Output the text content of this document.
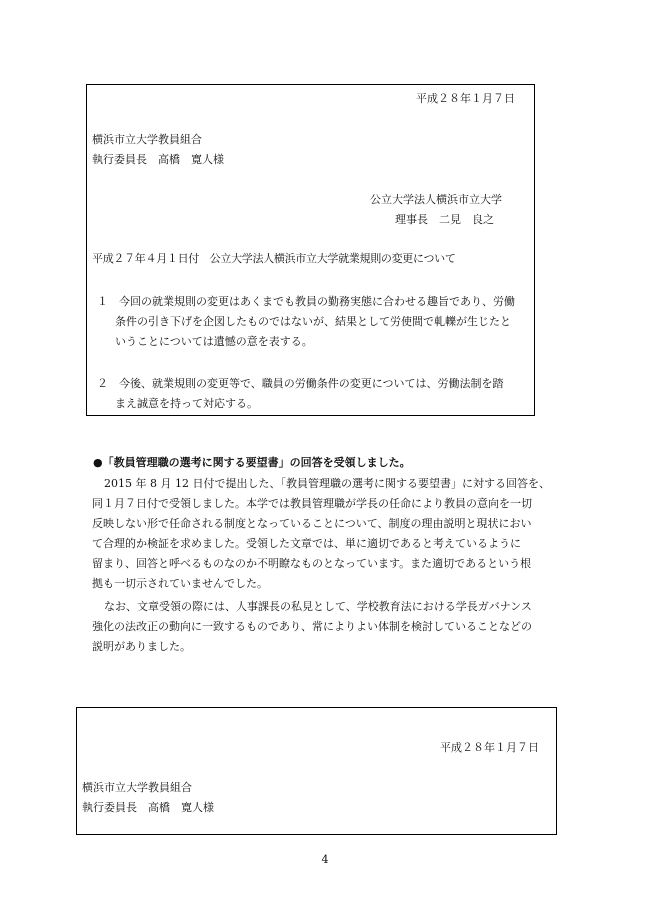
平成２８年１月７日
横浜市立大学教員組合
執行委員長　高橋　寛人様
公立大学法人横浜市立大学
理事長　二見　良之
平成２７年４月１日付　公立大学法人横浜市立大学就業規則の変更について
１　今回の就業規則の変更はあくまでも教員の勤務実態に合わせる趣旨であり、労働
条件の引き下げを企図したものではないが、結果として労使間で軋轢が生じたと
いうことについては遺憾の意を表する。
２　今後、就業規則の変更等で、職員の労働条件の変更については、労働法制を踏
まえ誠意を持って対応する。
●「教員管理職の選考に関する要望書」の回答を受領しました。
2015 年 8 月 12 日付で提出した、「教員管理職の選考に関する要望書」に対する回答を、
同１月７日付で受領しました。本学では教員管理職が学長の任命により教員の意向を一切
反映しない形で任命される制度となっていることについて、制度の理由説明と現状におい
て合理的か検証を求めました。受領した文章では、単に適切であると考えているように
留まり、回答と呼べるものなのか不明瞭なものとなっています。また適切であるという根
拠も一切示されていませんでした。
なお、文章受領の際には、人事課長の私見として、学校教育法における学長ガバナンス
強化の法改正の動向に一致するものであり、常によりよい体制を検討していることなどの
説明がありました。
平成２８年１月７日
横浜市立大学教員組合
執行委員長　高橋　寛人様
4
